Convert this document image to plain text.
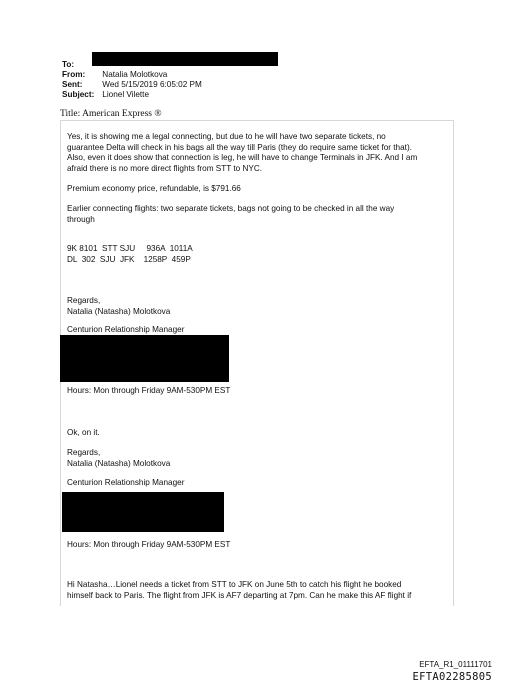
To:
From: Natalia Molotkova
Sent: Wed 5/15/2019 6:05:02 PM
Subject: Lionel Vilette
Title: American Express ®
Yes, it is showing me a legal connecting, but due to he will have two separate tickets, no
guarantee Delta will check in his bags all the way till Paris (they do require same ticket for that).
Also, even it does show that connection is leg, he will have to change Terminals in JFK. And I am
afraid there is no more direct flights from STT to NYC.
Premium economy price, refundable, is $791.66
Earlier connecting flights: two separate tickets, bags not going to be checked in all the way
through
9K 8101  STT SJU     936A  1011A
DL  302  SJU  JFK    1258P  459P
Regards,
Natalia (Natasha) Molotkova
Centurion Relationship Manager
Hours: Mon through Friday 9AM-530PM EST
Ok, on it.
Regards,
Natalia (Natasha) Molotkova
Centurion Relationship Manager
Hours: Mon through Friday 9AM-530PM EST
Hi Natasha…Lionel needs a ticket from STT to JFK on June 5th to catch his flight he booked
himself back to Paris. The flight from JFK is AF7 departing at 7pm. Can he make this AF flight if
EFTA_R1_01111701
EFTA02285805
